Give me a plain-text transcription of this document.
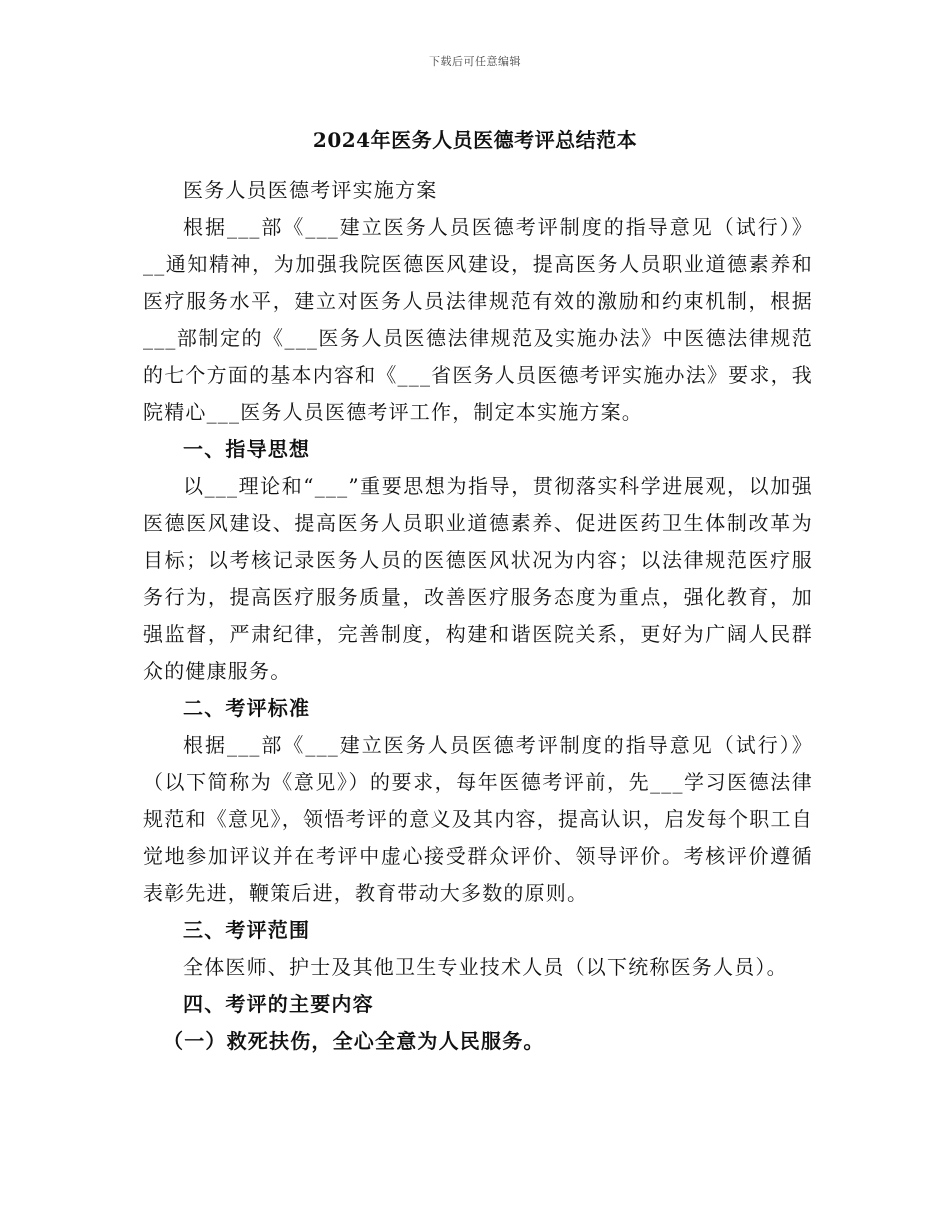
下载后可任意编辑
2024年医务人员医德考评总结范本

医务人员医德考评实施方案

根据___部《___建立医务人员医德考评制度的指导意见（试行）》__通知精神，为加强我院医德医风建设，提高医务人员职业道德素养和医疗服务水平，建立对医务人员法律规范有效的激励和约束机制，根据___部制定的《___医务人员医德法律规范及实施办法》中医德法律规范的七个方面的基本内容和《___省医务人员医德考评实施办法》要求，我院精心___医务人员医德考评工作，制定本实施方案。

一、指导思想

以___理论和“___”重要思想为指导，贯彻落实科学进展观，以加强医德医风建设、提高医务人员职业道德素养、促进医药卫生体制改革为目标；以考核记录医务人员的医德医风状况为内容；以法律规范医疗服务行为，提高医疗服务质量，改善医疗服务态度为重点，强化教育，加强监督，严肃纪律，完善制度，构建和谐医院关系，更好为广阔人民群众的健康服务。

二、考评标准

根据___部《___建立医务人员医德考评制度的指导意见（试行）》（以下简称为《意见》）的要求，每年医德考评前，先___学习医德法律规范和《意见》，领悟考评的意义及其内容，提高认识，启发每个职工自觉地参加评议并在考评中虚心接受群众评价、领导评价。考核评价遵循表彰先进，鞭策后进，教育带动大多数的原则。

三、考评范围

全体医师、护士及其他卫生专业技术人员（以下统称医务人员）。

四、考评的主要内容
（一）救死扶伤，全心全意为人民服务。
